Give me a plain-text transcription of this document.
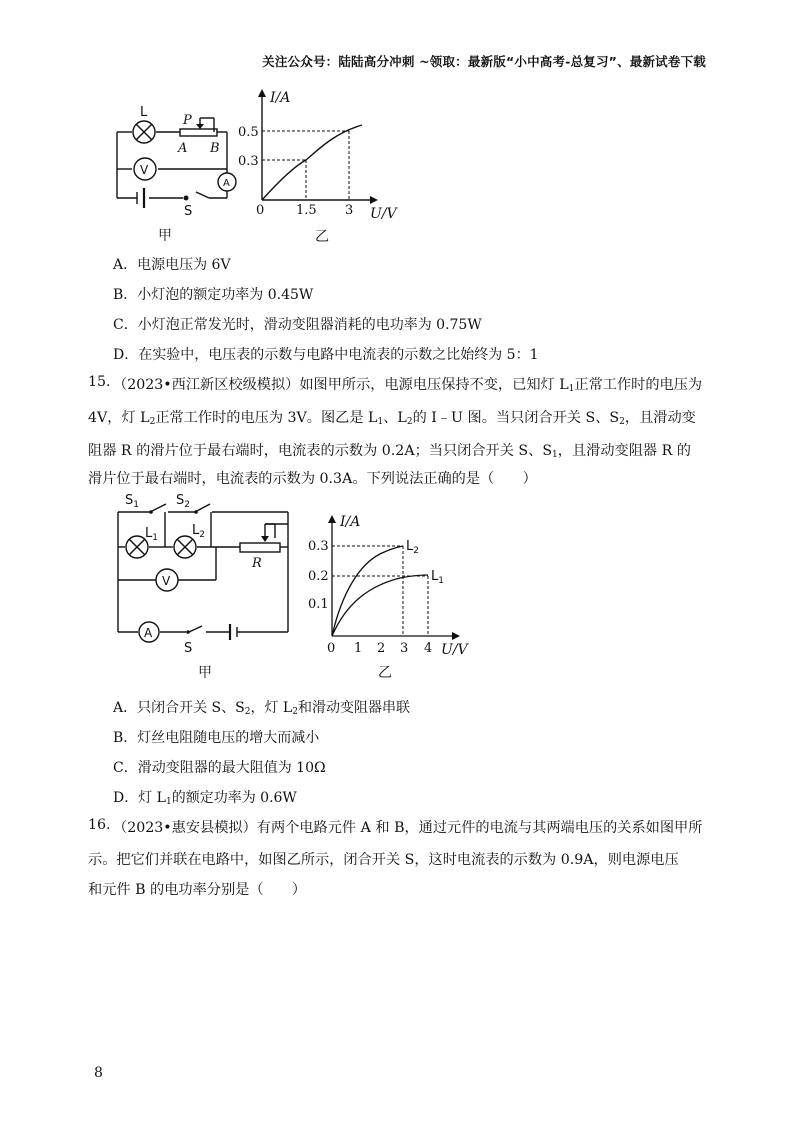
关注公众号：陆陆高分冲刺 ~领取：最新版“小中高考-总复习”、最新试卷下载
L
P
A B
V
A
S
甲
I/A
U/V
0
0.5
0.3
1.5 3
乙
A．电源电压为 6V
B．小灯泡的额定功率为 0.45W
C．小灯泡正常发光时，滑动变阻器消耗的电功率为 0.75W
D．在实验中，电压表的示数与电路中电流表的示数之比始终为 5：1
15. （2023•西江新区校级模拟）如图甲所示，电源电压保持不变，已知灯 $L_1$正常工作时的电压为
4V，灯 $L_2$正常工作时的电压为 3V。图乙是 $L_1$、$L_2$的 I﹣U 图。当只闭合开关 S、$S_2$，且滑动变
阻器 R 的滑片位于最右端时，电流表的示数为 0.2A；当只闭合开关 S、$S_1$，且滑动变阻器 R 的
滑片位于最右端时，电流表的示数为 0.3A。下列说法正确的是（　　）
$S_1$	$S_2$
$L_1$	$L_2$
R
V
A
S
甲
I/A
U/V
0
0.3
0.2
0.1
1 2 3 4
$L_2$
$L_1$
乙
A．只闭合开关 S、$S_2$，灯 $L_2$和滑动变阻器串联
B．灯丝电阻随电压的增大而减小
C．滑动变阻器的最大阻值为 10Ω
D．灯 $L_1$的额定功率为 0.6W
16. （2023•惠安县模拟）有两个电路元件 A 和 B，通过元件的电流与其两端电压的关系如图甲所
示。把它们并联在电路中，如图乙所示，闭合开关 S，这时电流表的示数为 0.9A，则电源电压
和元件 B 的电功率分别是（　　）
8
